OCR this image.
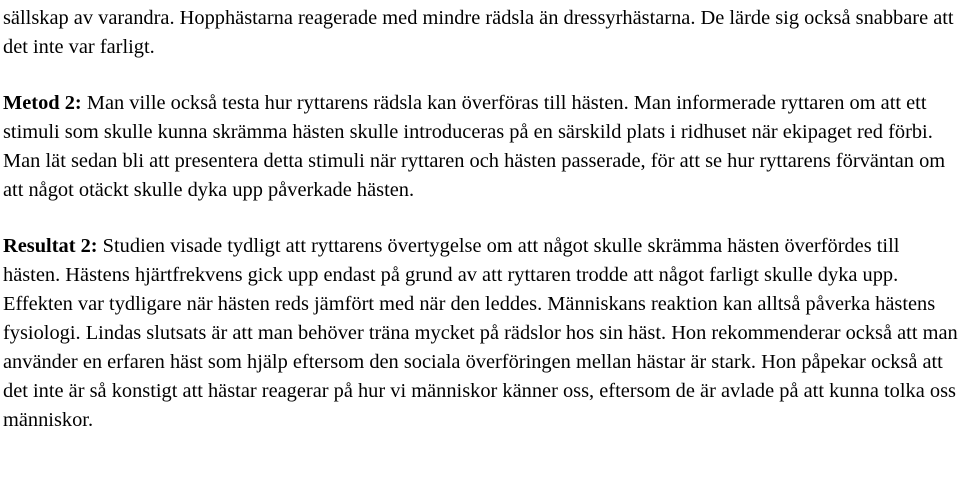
sällskap av varandra. Hopphästarna reagerade med mindre rädsla än dressyrhästarna. De lärde sig också snabbare att det inte var farligt.

Metod 2: Man ville också testa hur ryttarens rädsla kan överföras till hästen. Man informerade ryttaren om att ett stimuli som skulle kunna skrämma hästen skulle introduceras på en särskild plats i ridhuset när ekipaget red förbi. Man lät sedan bli att presentera detta stimuli när ryttaren och hästen passerade, för att se hur ryttarens förväntan om att något otäckt skulle dyka upp påverkade hästen.

Resultat 2: Studien visade tydligt att ryttarens övertygelse om att något skulle skrämma hästen överfördes till hästen. Hästens hjärtfrekvens gick upp endast på grund av att ryttaren trodde att något farligt skulle dyka upp. Effekten var tydligare när hästen reds jämfört med när den leddes. Människans reaktion kan alltså påverka hästens fysiologi. Lindas slutsats är att man behöver träna mycket på rädslor hos sin häst. Hon rekommenderar också att man använder en erfaren häst som hjälp eftersom den sociala överföringen mellan hästar är stark. Hon påpekar också att det inte är så konstigt att hästar reagerar på hur vi människor känner oss, eftersom de är avlade på att kunna tolka oss människor.
